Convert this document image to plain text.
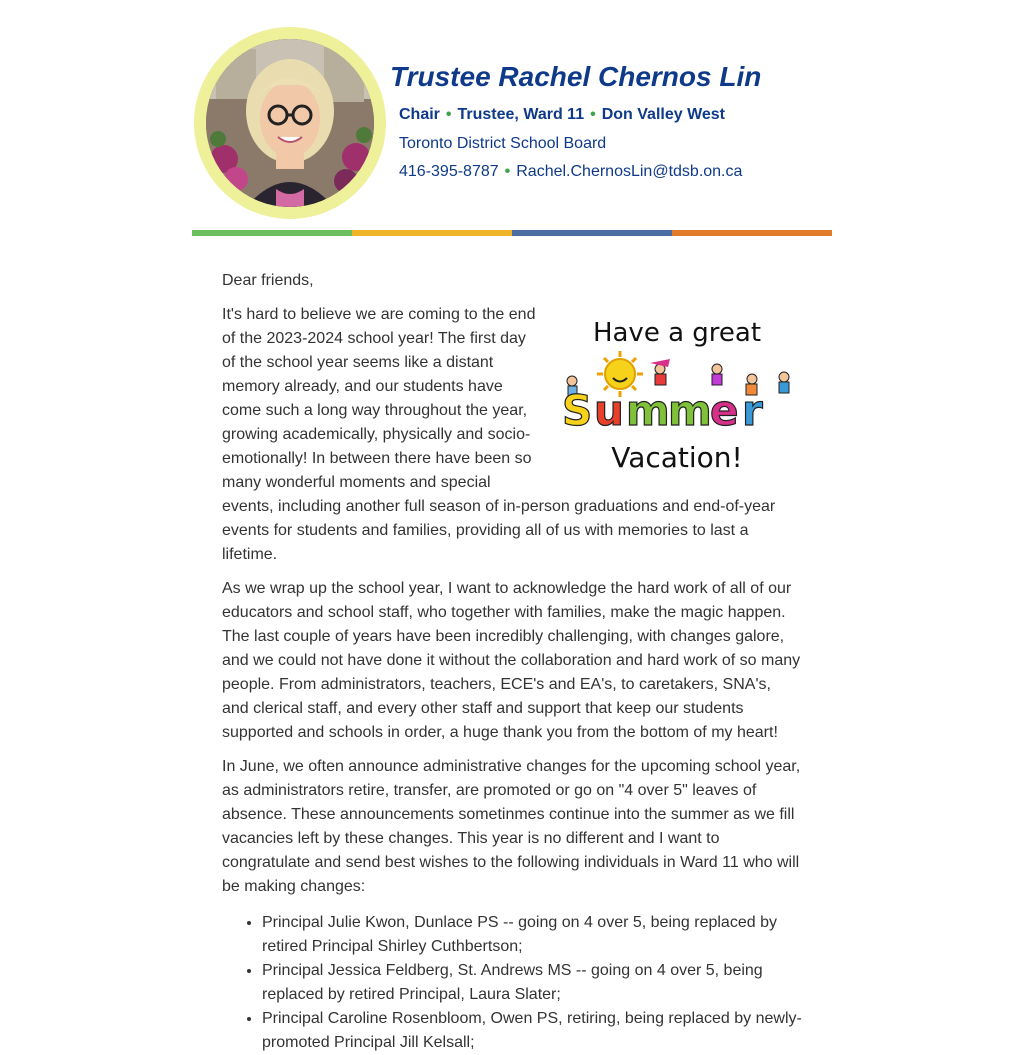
Trustee Rachel Chernos Lin
Chair • Trustee, Ward 11 • Don Valley West
Toronto District School Board
416-395-8787 • Rachel.ChernosLin@tdsb.on.ca

Dear friends,

Have a great
S u m
m
e r
Vacation!

It's hard to believe we are coming to the end of the 2023-2024 school year! The first day of the school year seems like a distant memory already, and our students have come such a long way throughout the year, growing academically, physically and socio-emotionally! In between there have been so many wonderful moments and special events, including another full season of in-person graduations and end-of-year events for students and families, providing all of us with memories to last a lifetime.

As we wrap up the school year, I want to acknowledge the hard work of all of our educators and school staff, who together with families, make the magic happen. The last couple of years have been incredibly challenging, with changes galore, and we could not have done it without the collaboration and hard work of so many people. From administrators, teachers, ECE's and EA's, to caretakers, SNA's, and clerical staff, and every other staff and support that keep our students supported and schools in order, a huge thank you from the bottom of my heart!

In June, we often announce administrative changes for the upcoming school year, as administrators retire, transfer, are promoted or go on "4 over 5" leaves of absence. These announcements sometinmes continue into the summer as we fill vacancies left by these changes. This year is no different and I want to congratulate and send best wishes to the following individuals in Ward 11 who will be making changes:

• Principal Julie Kwon, Dunlace PS -- going on 4 over 5, being replaced by retired Principal Shirley Cuthbertson;
• Principal Jessica Feldberg, St. Andrews MS -- going on 4 over 5, being replaced by retired Principal, Laura Slater;
• Principal Caroline Rosenbloom, Owen PS, retiring, being replaced by newly-promoted Principal Jill Kelsall;
